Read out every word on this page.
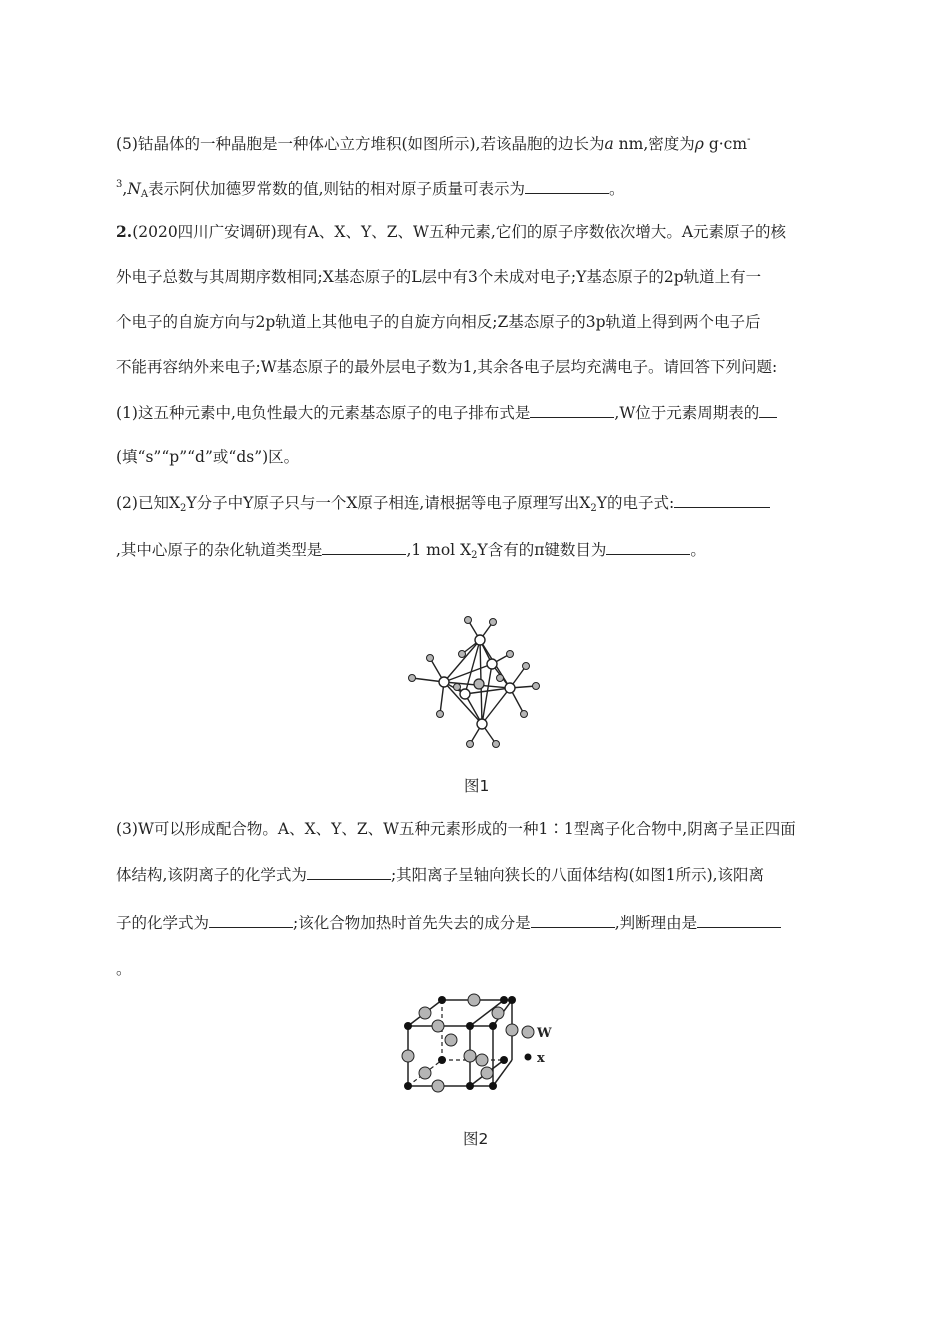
(5)钴晶体的一种晶胞是一种体心立方堆积(如图所示),若该晶胞的边长为a nm,密度为ρ g·cm-
$^3,N_A$表示阿伏加德罗常数的值,则钴的相对原子质量可表示为	。
2.(2020四川广安调研)现有A、X、Y、Z、W五种元素,它们的原子序数依次增大。A元素原子的核
外电子总数与其周期序数相同;X基态原子的L层中有3个未成对电子;Y基态原子的2p轨道上有一
个电子的自旋方向与2p轨道上其他电子的自旋方向相反;Z基态原子的3p轨道上得到两个电子后
不能再容纳外来电子;W基态原子的最外层电子数为1,其余各电子层均充满电子。请回答下列问题:
(1)这五种元素中,电负性最大的元素基态原子的电子排布式是	,W位于元素周期表的
(填“s”“p”“d”或“ds”)区。
(2)已知$X_2Y$分子中Y原子只与一个X原子相连,请根据等电子原理写出$X_2Y$的电子式:
,其中心原子的杂化轨道类型是	,1 mol $X_2Y$含有的π键数目为	。
图1
(3)W可以形成配合物。A、X、Y、Z、W五种元素形成的一种1∶1型离子化合物中,阴离子呈正四面
体结构,该阴离子的化学式为	;其阳离子呈轴向狭长的八面体结构(如图1所示),该阳离
子的化学式为	;该化合物加热时首先失去的成分是	,判断理由是
。
W
x
图2
